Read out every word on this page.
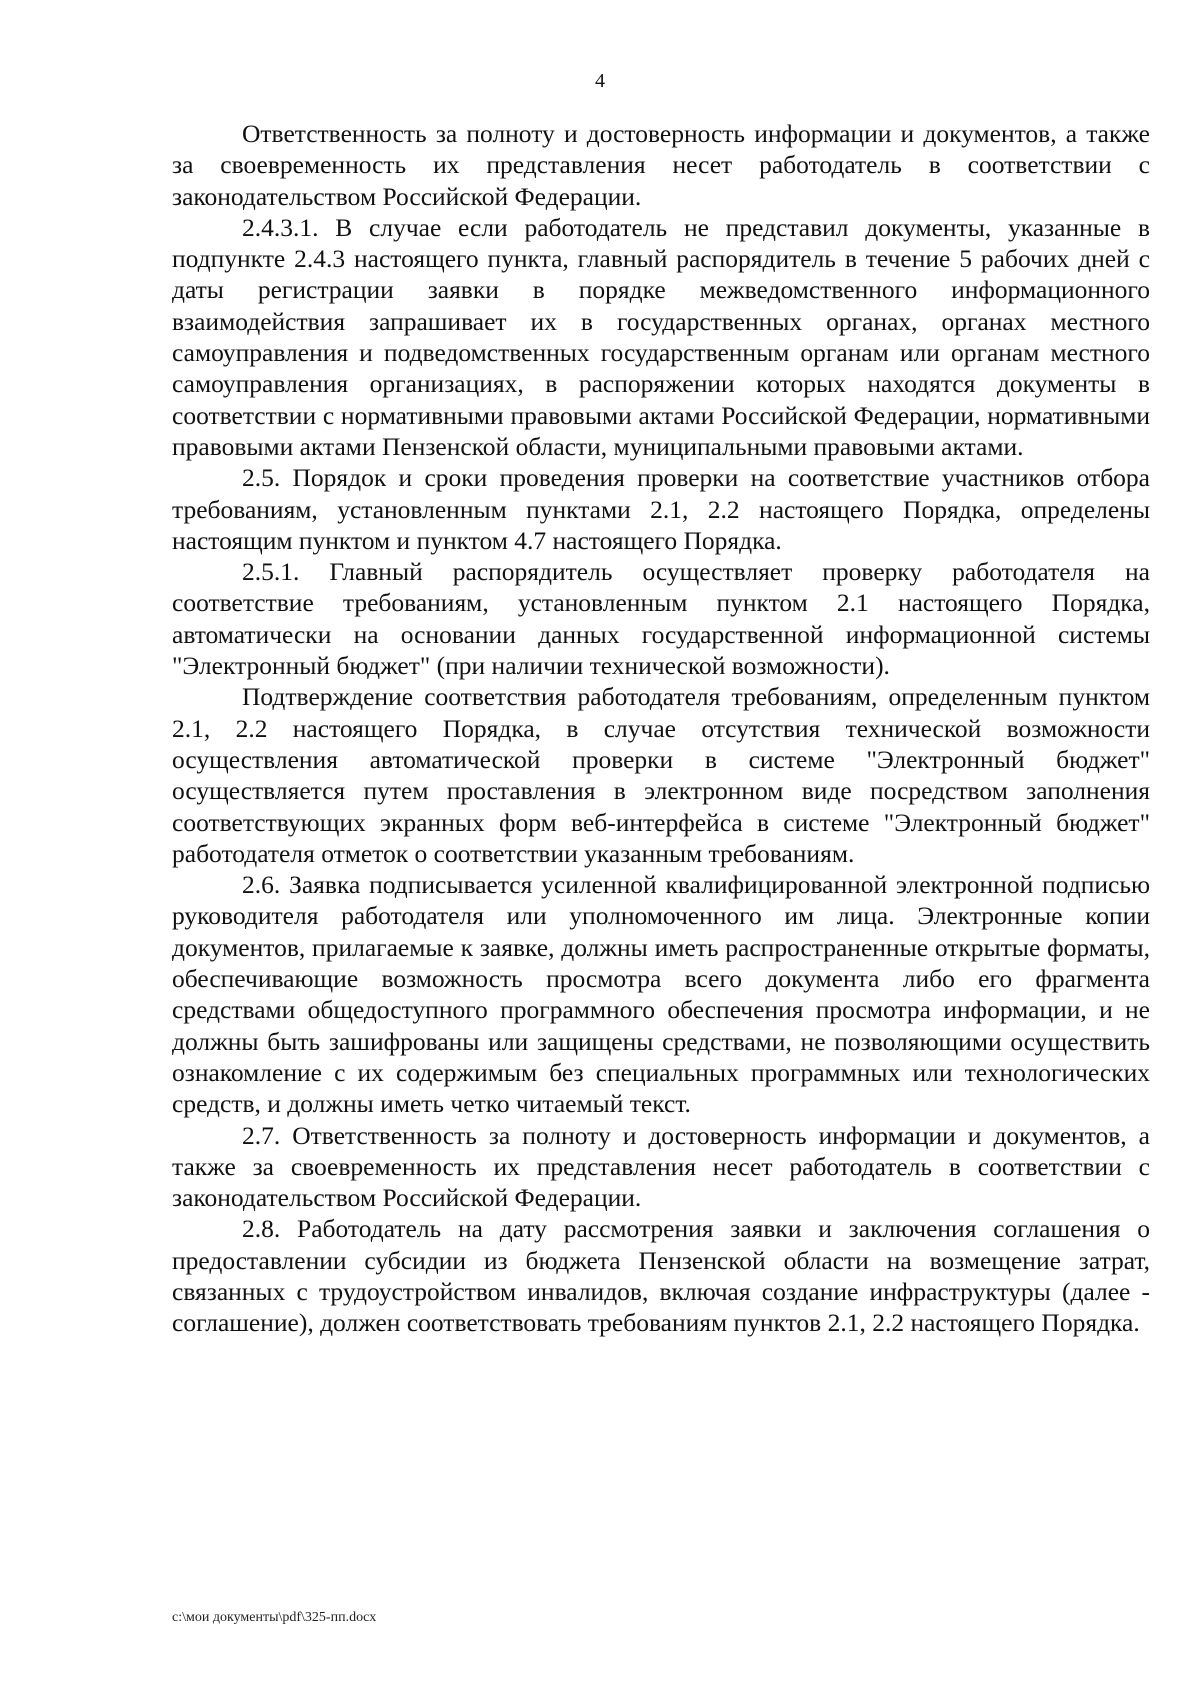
4

Ответственность за полноту и достоверность информации и документов, а также за своевременность их представления несет работодатель в соответствии с законодательством Российской Федерации.

2.4.3.1. В случае если работодатель не представил документы, указанные в подпункте 2.4.3 настоящего пункта, главный распорядитель в течение 5 рабочих дней с даты регистрации заявки в порядке межведомственного информационного взаимодействия запрашивает их в государственных органах, органах местного самоуправления и подведомственных государственным органам или органам местного самоуправления организациях, в распоряжении которых находятся документы в соответствии с нормативными правовыми актами Российской Федерации, нормативными правовыми актами Пензенской области, муниципальными правовыми актами.

2.5. Порядок и сроки проведения проверки на соответствие участников отбора требованиям, установленным пунктами 2.1, 2.2 настоящего Порядка, определены настоящим пунктом и пунктом 4.7 настоящего Порядка.

2.5.1. Главный распорядитель осуществляет проверку работодателя на соответствие требованиям, установленным пунктом 2.1 настоящего Порядка, автоматически на основании данных государственной информационной системы "Электронный бюджет" (при наличии технической возможности).

Подтверждение соответствия работодателя требованиям, определенным пунктом 2.1, 2.2 настоящего Порядка, в случае отсутствия технической возможности осуществления автоматической проверки в системе "Электронный бюджет" осуществляется путем проставления в электронном виде посредством заполнения соответствующих экранных форм веб-интерфейса в системе "Электронный бюджет" работодателя отметок о соответствии указанным требованиям.

2.6. Заявка подписывается усиленной квалифицированной электронной подписью руководителя работодателя или уполномоченного им лица. Электронные копии документов, прилагаемые к заявке, должны иметь распространенные открытые форматы, обеспечивающие возможность просмотра всего документа либо его фрагмента средствами общедоступного программного обеспечения просмотра информации, и не должны быть зашифрованы или защищены средствами, не позволяющими осуществить ознакомление с их содержимым без специальных программных или технологических средств, и должны иметь четко читаемый текст.

2.7. Ответственность за полноту и достоверность информации и документов, а также за своевременность их представления несет работодатель в соответствии с законодательством Российской Федерации.

2.8. Работодатель на дату рассмотрения заявки и заключения соглашения о предоставлении субсидии из бюджета Пензенской области на возмещение затрат, связанных с трудоустройством инвалидов, включая создание инфраструктуры (далее - соглашение), должен соответствовать требованиям пунктов 2.1, 2.2 настоящего Порядка.

c:\мои документы\pdf\325-пп.docx
